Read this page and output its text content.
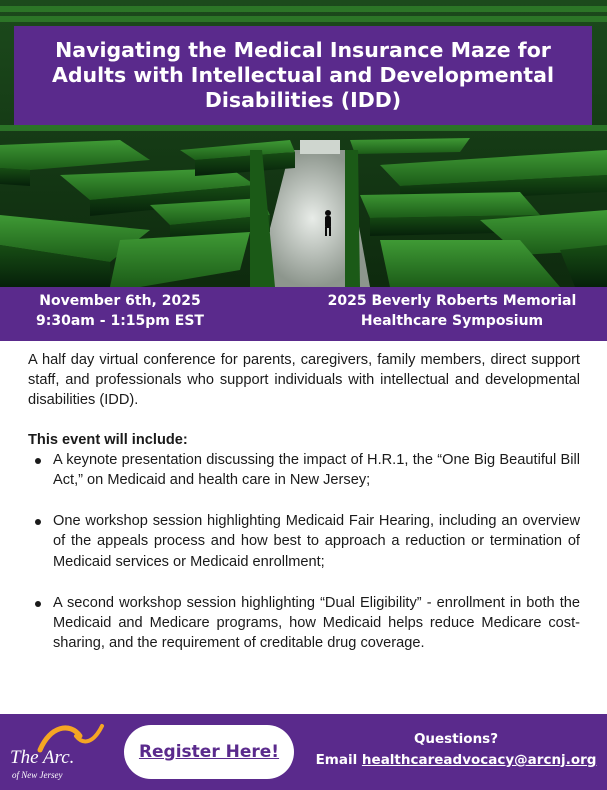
Navigating the Medical Insurance Maze for Adults with Intellectual and Developmental Disabilities (IDD)
November 6th, 2025
9:30am - 1:15pm EST
2025 Beverly Roberts Memorial
Healthcare Symposium

A half day virtual conference for parents, caregivers, family members, direct support staff, and professionals who support individuals with intellectual and developmental disabilities (IDD).

This event will include:

A keynote presentation discussing the impact of H.R.1, the “One Big Beautiful Bill Act,” on Medicaid and health care in New Jersey;
One workshop session highlighting Medicaid Fair Hearing, including an overview of the appeals process and how best to approach a reduction or termination of Medicaid services or Medicaid enrollment;
A second workshop session highlighting “Dual Eligibility” - enrollment in both the Medicaid and Medicare programs, how Medicaid helps reduce Medicare cost-sharing, and the requirement of creditable drug coverage.
The Arc.
of New Jersey
Register Here!
Questions?
Email healthcareadvocacy@arcnj.org
